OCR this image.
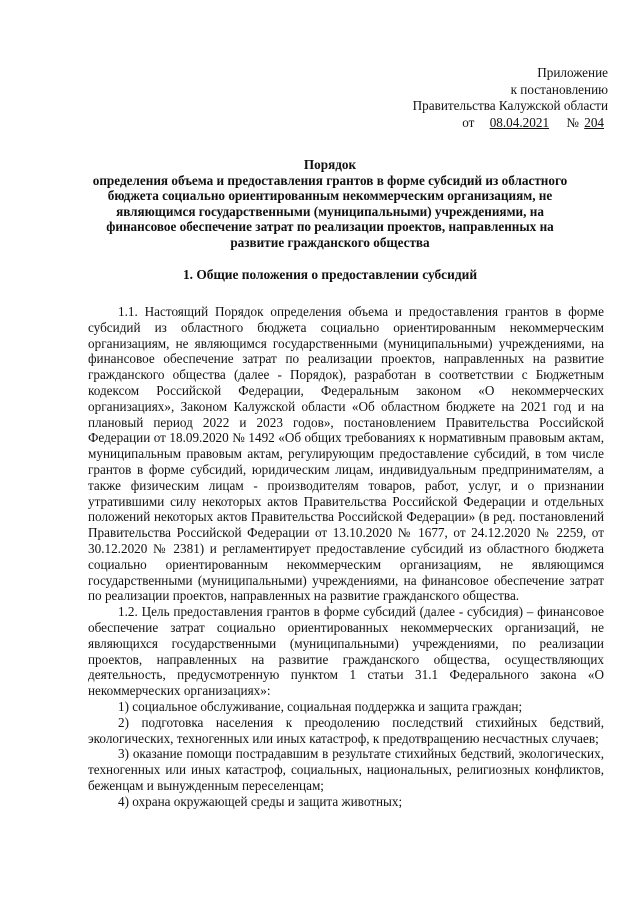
Приложение
к постановлению
Правительства Калужской области
от 08.04.2021 № 204
Порядок
определения объема и предоставления грантов в форме субсидий из областного бюджета социально ориентированным некоммерческим организациям, не являющимся государственными (муниципальными) учреждениями, на финансовое обеспечение затрат по реализации проектов, направленных на развитие гражданского общества
1. Общие положения о предоставлении субсидий

1.1. Настоящий Порядок определения объема и предоставления грантов в форме субсидий из областного бюджета социально ориентированным некоммерческим организациям, не являющимся государственными (муниципальными) учреждениями, на финансовое обеспечение затрат по реализации проектов, направленных на развитие гражданского общества (далее - Порядок), разработан в соответствии с Бюджетным кодексом Российской Федерации, Федеральным законом «О некоммерческих организациях», Законом Калужской области «Об областном бюджете на 2021 год и на плановый период 2022 и 2023 годов», постановлением Правительства Российской Федерации от 18.09.2020 № 1492 «Об общих требованиях к нормативным правовым актам, муниципальным правовым актам, регулирующим предоставление субсидий, в том числе грантов в форме субсидий, юридическим лицам, индивидуальным предпринимателям, а также физическим лицам - производителям товаров, работ, услуг, и о признании утратившими силу некоторых актов Правительства Российской Федерации и отдельных положений некоторых актов Правительства Российской Федерации» (в ред. постановлений Правительства Российской Федерации от 13.10.2020 № 1677, от 24.12.2020 № 2259, от 30.12.2020 № 2381) и регламентирует предоставление субсидий из областного бюджета социально ориентированным некоммерческим организациям, не являющимся государственными (муниципальными) учреждениями, на финансовое обеспечение затрат по реализации проектов, направленных на развитие гражданского общества.

1.2. Цель предоставления грантов в форме субсидий (далее - субсидия) – финансовое обеспечение затрат социально ориентированных некоммерческих организаций, не являющихся государственными (муниципальными) учреждениями, по реализации проектов, направленных на развитие гражданского общества, осуществляющих деятельность, предусмотренную пунктом 1 статьи 31.1 Федерального закона «О некоммерческих организациях»:

1) социальное обслуживание, социальная поддержка и защита граждан;

2) подготовка населения к преодолению последствий стихийных бедствий, экологических, техногенных или иных катастроф, к предотвращению несчастных случаев;

3) оказание помощи пострадавшим в результате стихийных бедствий, экологических, техногенных или иных катастроф, социальных, национальных, религиозных конфликтов, беженцам и вынужденным переселенцам;

4) охрана окружающей среды и защита животных;
